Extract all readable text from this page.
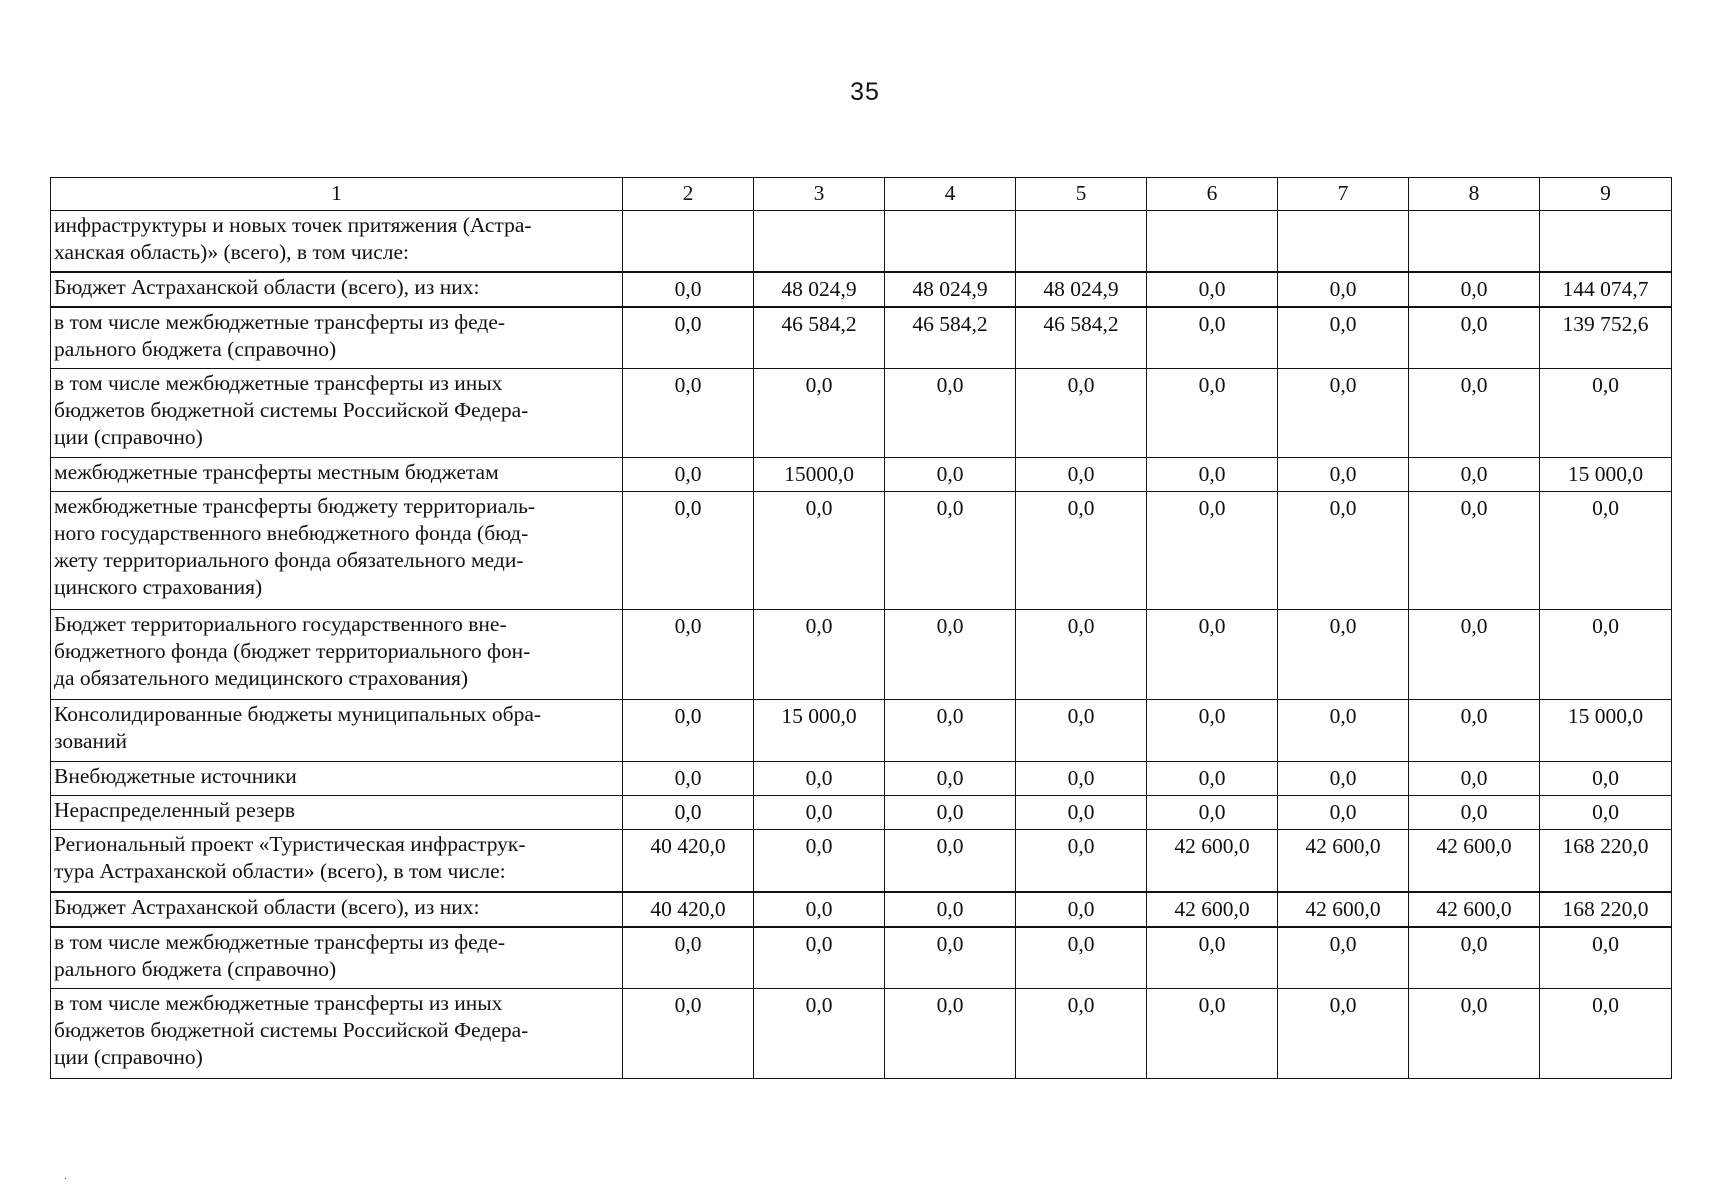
35
1	2	3	4	5	6	7	8	9
инфраструктуры и новых точек притяжения (Астра-
ханская область)» (всего), в том числе:								
Бюджет Астраханской области (всего), из них:	0,0	48 024,9	48 024,9	48 024,9	0,0	0,0	0,0	144 074,7
в том числе межбюджетные трансферты из феде-
рального бюджета (справочно)	0,0	46 584,2	46 584,2	46 584,2	0,0	0,0	0,0	139 752,6
в том числе межбюджетные трансферты из иных
бюджетов бюджетной системы Российской Федера-
ции (справочно)	0,0	0,0	0,0	0,0	0,0	0,0	0,0	0,0
межбюджетные трансферты местным бюджетам	0,0	15000,0	0,0	0,0	0,0	0,0	0,0	15 000,0
межбюджетные трансферты бюджету территориаль-
ного государственного внебюджетного фонда (бюд-
жету территориального фонда обязательного меди-
цинского страхования)	0,0	0,0	0,0	0,0	0,0	0,0	0,0	0,0
Бюджет территориального государственного вне-
бюджетного фонда (бюджет территориального фон-
да обязательного медицинского страхования)	0,0	0,0	0,0	0,0	0,0	0,0	0,0	0,0
Консолидированные бюджеты муниципальных обра-
зований	0,0	15 000,0	0,0	0,0	0,0	0,0	0,0	15 000,0
Внебюджетные источники	0,0	0,0	0,0	0,0	0,0	0,0	0,0	0,0
Нераспределенный резерв	0,0	0,0	0,0	0,0	0,0	0,0	0,0	0,0
Региональный проект «Туристическая инфраструк-
тура Астраханской области» (всего), в том числе:	40 420,0	0,0	0,0	0,0	42 600,0	42 600,0	42 600,0	168 220,0
Бюджет Астраханской области (всего), из них:	40 420,0	0,0	0,0	0,0	42 600,0	42 600,0	42 600,0	168 220,0
в том числе межбюджетные трансферты из феде-
рального бюджета (справочно)	0,0	0,0	0,0	0,0	0,0	0,0	0,0	0,0
в том числе межбюджетные трансферты из иных
бюджетов бюджетной системы Российской Федера-
ции (справочно)	0,0	0,0	0,0	0,0	0,0	0,0	0,0	0,0
.
